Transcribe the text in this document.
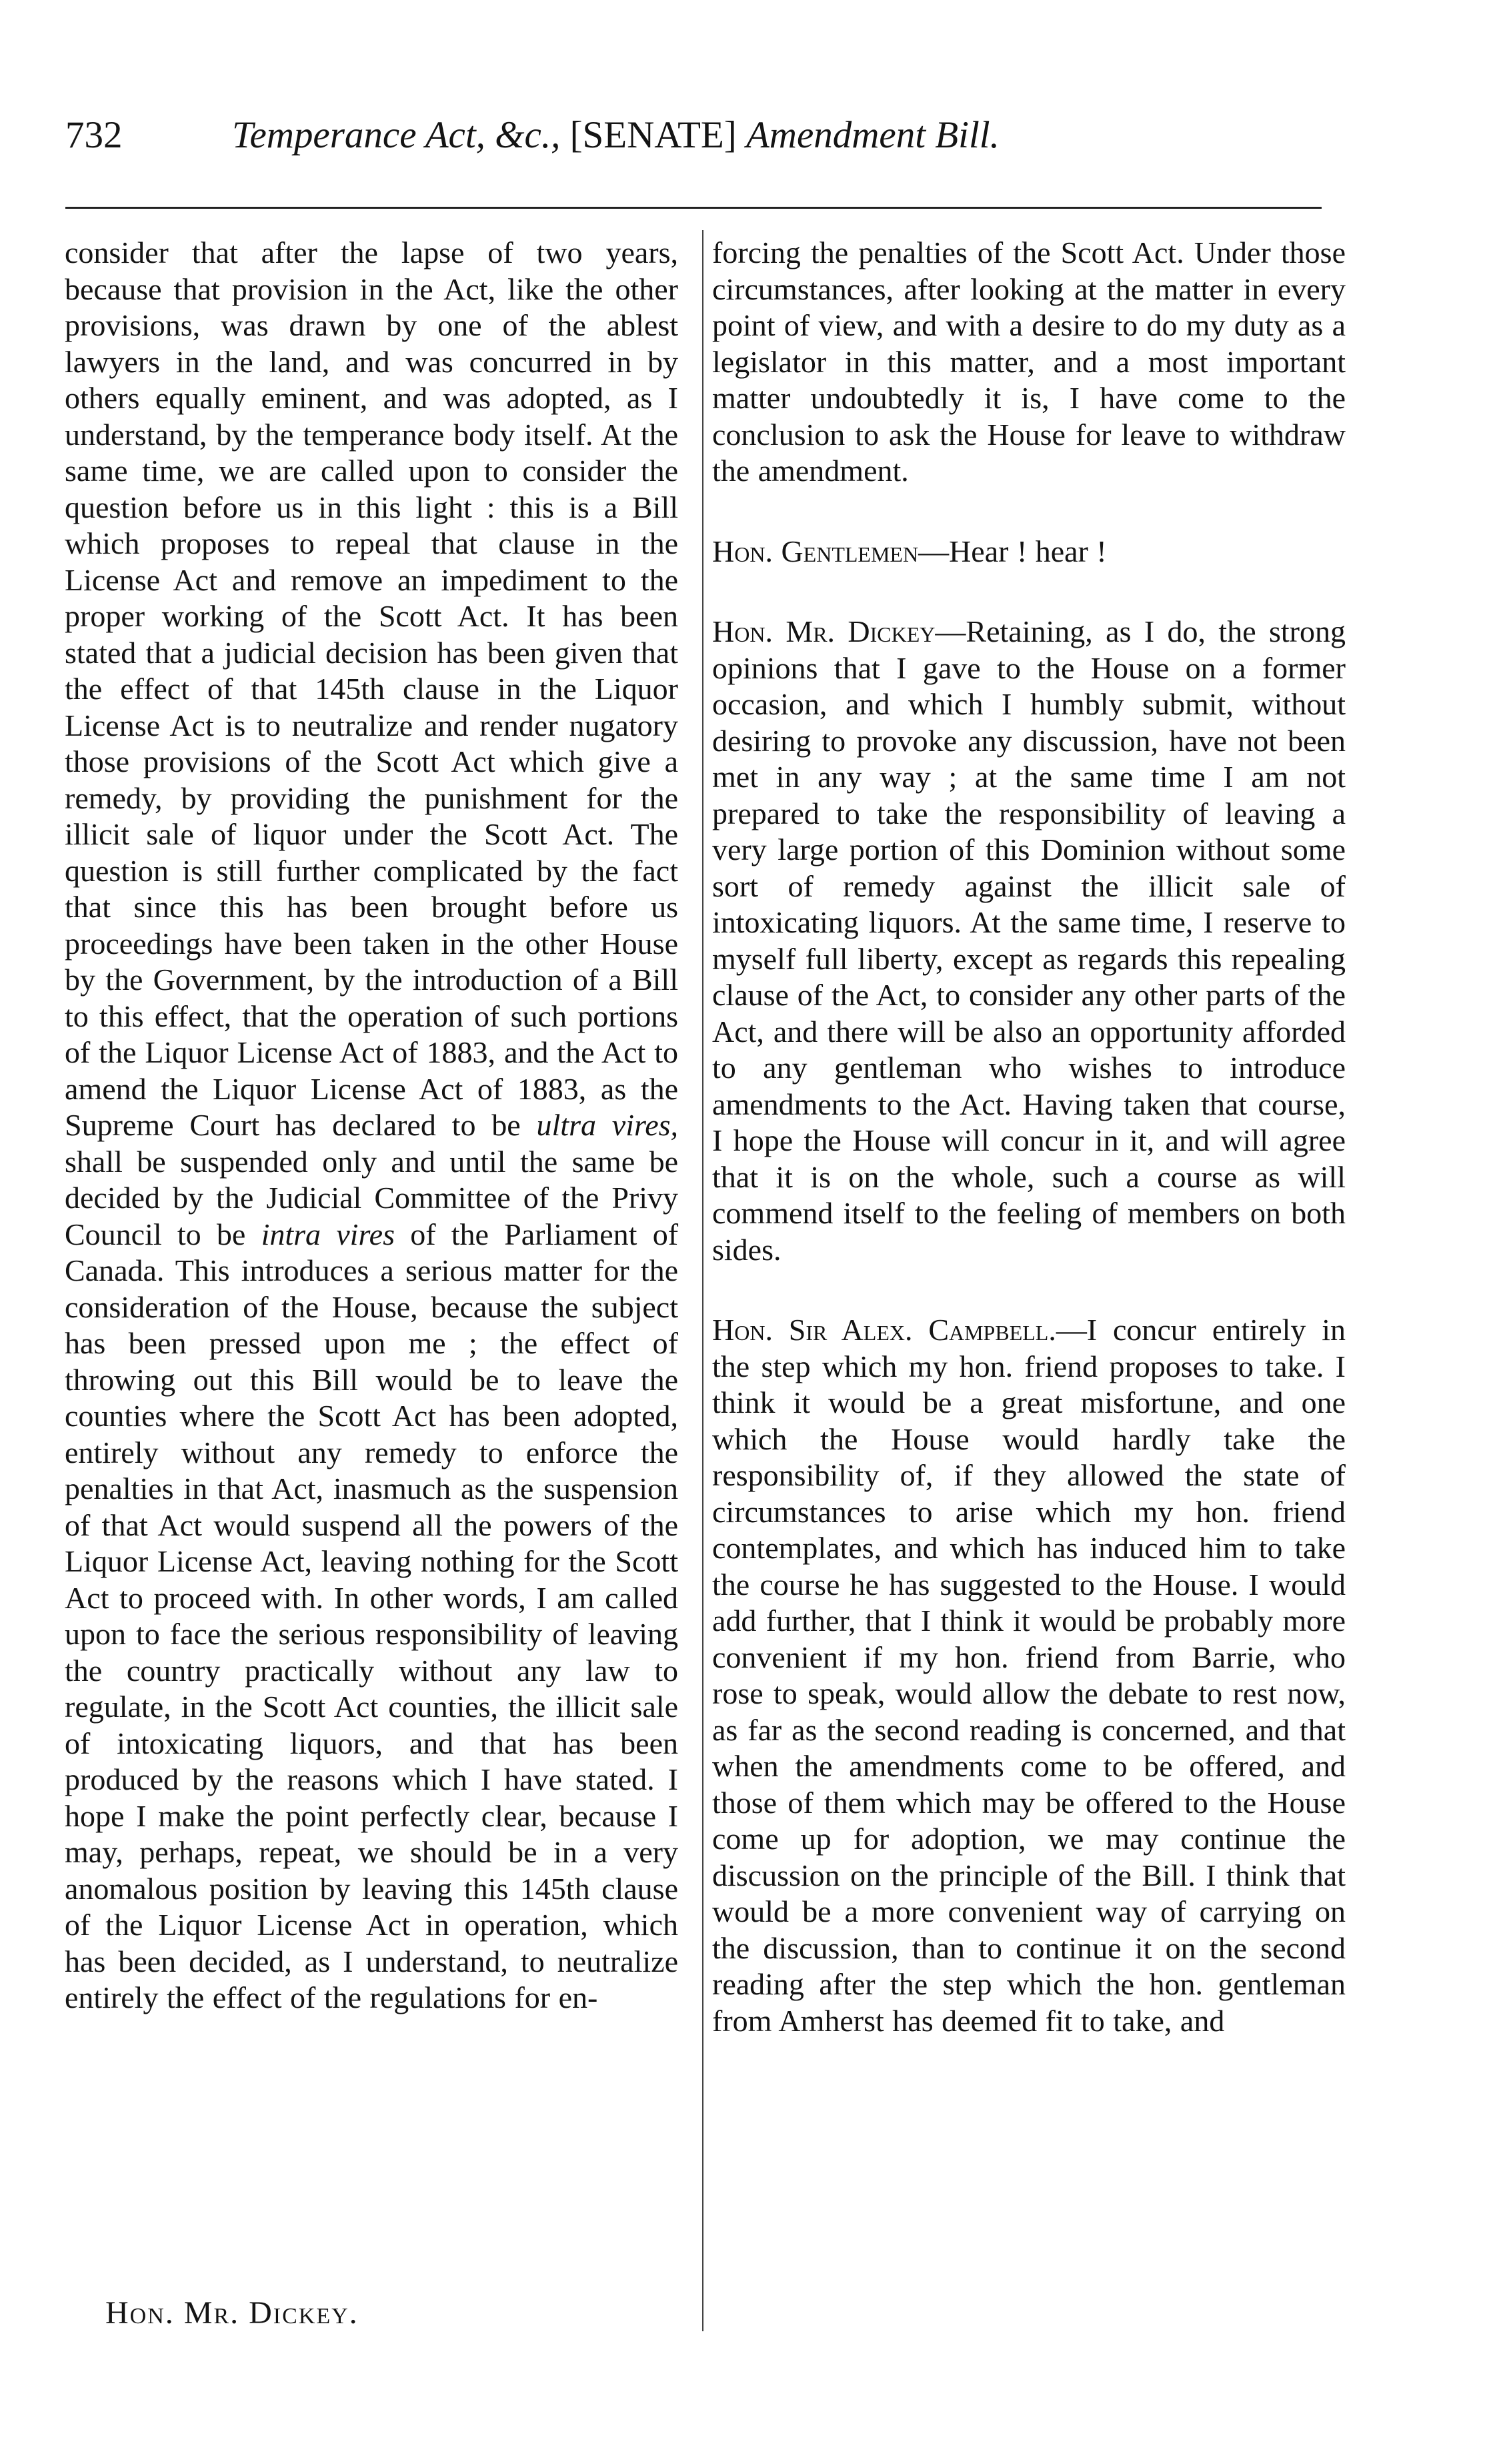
732	Temperance Act, &c., [SENATE] Amendment Bill.

consider that after the lapse of two years, because that provision in the Act, like the other provisions, was drawn by one of the ablest lawyers in the land, and was concurred in by others equally eminent, and was adopted, as I understand, by the temperance body itself. At the same time, we are called upon to consider the question before us in this light : this is a Bill which proposes to repeal that clause in the License Act and remove an impediment to the proper working of the Scott Act. It has been stated that a judicial decision has been given that the effect of that 145th clause in the Liquor License Act is to neutralize and render nugatory those provisions of the Scott Act which give a remedy, by providing the punishment for the illicit sale of liquor under the Scott Act. The question is still further complicated by the fact that since this has been brought before us proceedings have been taken in the other House by the Government, by the introduction of a Bill to this effect, that the operation of such portions of the Liquor License Act of 1883, and the Act to amend the Liquor License Act of 1883, as the Supreme Court has declared to be ultra vires, shall be suspended only and until the same be decided by the Judicial Committee of the Privy Council to be intra vires of the Parliament of Canada. This introduces a serious matter for the consideration of the House, because the subject has been pressed upon me ; the effect of throwing out this Bill would be to leave the counties where the Scott Act has been adopted, entirely without any remedy to enforce the penalties in that Act, inasmuch as the suspension of that Act would suspend all the powers of the Liquor License Act, leaving nothing for the Scott Act to proceed with. In other words, I am called upon to face the serious responsibility of leaving the country practically without any law to regulate, in the Scott Act counties, the illicit sale of intoxicating liquors, and that has been produced by the reasons which I have stated. I hope I make the point perfectly clear, because I may, perhaps, repeat, we should be in a very anomalous position by leaving this 145th clause of the Liquor License Act in operation, which has been decided, as I understand, to neutralize entirely the effect of the regulations for en-

forcing the penalties of the Scott Act. Under those circumstances, after looking at the matter in every point of view, and with a desire to do my duty as a legislator in this matter, and a most important matter undoubtedly it is, I have come to the conclusion to ask the House for leave to withdraw the amendment.

Hon. Gentlemen—Hear ! hear !

Hon. Mr. Dickey—Retaining, as I do, the strong opinions that I gave to the House on a former occasion, and which I humbly submit, without desiring to provoke any discussion, have not been met in any way ; at the same time I am not prepared to take the responsibility of leaving a very large portion of this Dominion without some sort of remedy against the illicit sale of intoxicating liquors. At the same time, I reserve to myself full liberty, except as regards this repealing clause of the Act, to consider any other parts of the Act, and there will be also an opportunity afforded to any gentleman who wishes to introduce amendments to the Act. Having taken that course, I hope the House will concur in it, and will agree that it is on the whole, such a course as will commend itself to the feeling of members on both sides.

Hon. Sir Alex. Campbell.—I concur entirely in the step which my hon. friend proposes to take. I think it would be a great misfortune, and one which the House would hardly take the responsibility of, if they allowed the state of circumstances to arise which my hon. friend contemplates, and which has induced him to take the course he has suggested to the House. I would add further, that I think it would be probably more convenient if my hon. friend from Barrie, who rose to speak, would allow the debate to rest now, as far as the second reading is concerned, and that when the amendments come to be offered, and those of them which may be offered to the House come up for adoption, we may continue the discussion on the principle of the Bill. I think that would be a more convenient way of carrying on the discussion, than to continue it on the second reading after the step which the hon. gentleman from Amherst has deemed fit to take, and

Hon. Mr. Dickey.
